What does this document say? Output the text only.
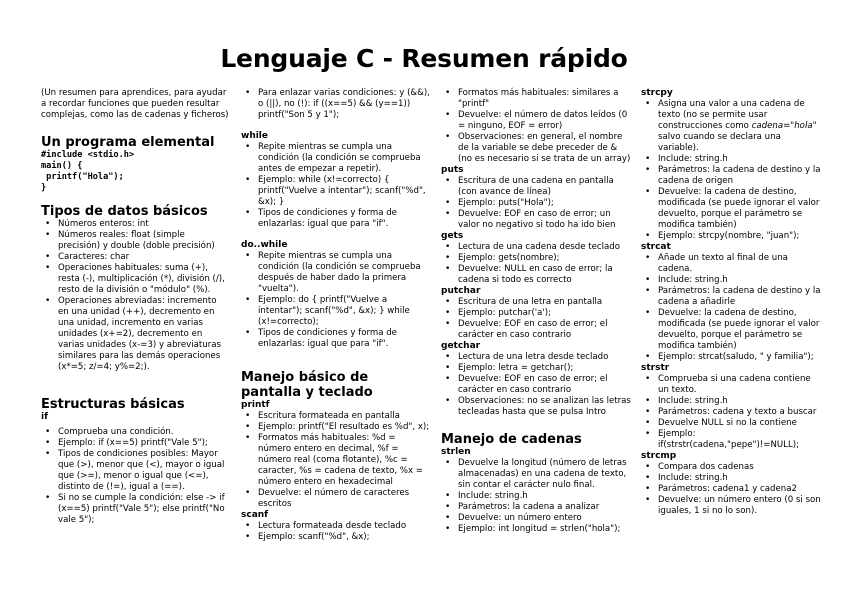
Lenguaje C - Resumen rápido
(Un resumen para aprendices, para ayudar a recordar funciones que pueden resultar complejas, como las de cadenas y ficheros)
Un programa elemental
#include <stdio.h>
main() {
printf("Hola");
}
Tipos de datos básicos
• Números enteros: int
• Números reales: float (simple precisión) y double (doble precisión)
• Caracteres: char
• Operaciones habituales: suma (+), resta (-), multiplicación (*), división (/), resto de la división o "módulo" (%).
• Operaciones abreviadas: incremento en una unidad (++), decremento en una unidad, incremento en varias unidades (x+=2), decremento en varias unidades (x-=3) y abreviaturas similares para las demás operaciones (x*=5; z/=4; y%=2;).
Estructuras básicas
if
• Comprueba una condición.
• Ejemplo: if (x==5) printf("Vale 5");
• Tipos de condiciones posibles: Mayor que (>), menor que (<), mayor o igual que (>=), menor o igual que (<=), distinto de (!=), igual a (==).
• Si no se cumple la condición: else -> if (x==5) printf("Vale 5"); else printf("No vale 5");
• Para enlazar varias condiciones: y (&&), o (||), no (!): if ((x==5) && (y==1)) printf("Son 5 y 1");
while
• Repite mientras se cumpla una condición (la condición se comprueba antes de empezar a repetir).
• Ejemplo: while (x!=correcto) { printf("Vuelve a intentar"); scanf("%d", &x); }
• Tipos de condiciones y forma de enlazarlas: igual que para "if".
do..while
• Repite mientras se cumpla una condición (la condición se comprueba después de haber dado la primera "vuelta").
• Ejemplo: do { printf("Vuelve a intentar"); scanf("%d", &x); } while (x!=correcto);
• Tipos de condiciones y forma de enlazarlas: igual que para "if".
Manejo básico de pantalla y teclado
printf
• Escritura formateada en pantalla
• Ejemplo: printf("El resultado es %d", x);
• Formatos más habituales: %d = número entero en decimal, %f = número real (coma flotante), %c = caracter, %s = cadena de texto, %x = número entero en hexadecimal
• Devuelve: el número de caracteres escritos
scanf
• Lectura formateada desde teclado
• Ejemplo: scanf("%d", &x);
• Formatos más habituales: similares a "printf"
• Devuelve: el número de datos leídos (0 = ninguno, EOF = error)
• Observaciones: en general, el nombre de la variable se debe preceder de & (no es necesario si se trata de un array)
puts
• Escritura de una cadena en pantalla (con avance de línea)
• Ejemplo: puts("Hola");
• Devuelve: EOF en caso de error; un valor no negativo si todo ha ido bien
gets
• Lectura de una cadena desde teclado
• Ejemplo: gets(nombre);
• Devuelve: NULL en caso de error; la cadena si todo es correcto
putchar
• Escritura de una letra en pantalla
• Ejemplo: putchar('a');
• Devuelve: EOF en caso de error; el carácter en caso contrario
getchar
• Lectura de una letra desde teclado
• Ejemplo: letra = getchar();
• Devuelve: EOF en caso de error; el carácter en caso contrario
• Observaciones: no se analizan las letras tecleadas hasta que se pulsa Intro
Manejo de cadenas
strlen
• Devuelve la longitud (número de letras almacenadas) en una cadena de texto, sin contar el carácter nulo final.
• Include: string.h
• Parámetros: la cadena a analizar
• Devuelve: un número entero
• Ejemplo: int longitud = strlen("hola");
strcpy
• Asigna una valor a una cadena de texto (no se permite usar construcciones como cadena="hola" salvo cuando se declara una variable).
• Include: string.h
• Parámetros: la cadena de destino y la cadena de origen
• Devuelve: la cadena de destino, modificada (se puede ignorar el valor devuelto, porque el parámetro se modifica también)
• Ejemplo: strcpy(nombre, "juan");
strcat
• Añade un texto al final de una cadena.
• Include: string.h
• Parámetros: la cadena de destino y la cadena a añadirle
• Devuelve: la cadena de destino, modificada (se puede ignorar el valor devuelto, porque el parámetro se modifica también)
• Ejemplo: strcat(saludo, " y familia");
strstr
• Comprueba si una cadena contiene un texto.
• Include: string.h
• Parámetros: cadena y texto a buscar
• Devuelve NULL si no la contiene
• Ejemplo: if(strstr(cadena,"pepe")!=NULL);
strcmp
• Compara dos cadenas
• Include: string.h
• Parámetros: cadena1 y cadena2
• Devuelve: un número entero (0 si son iguales, 1 si no lo son).
